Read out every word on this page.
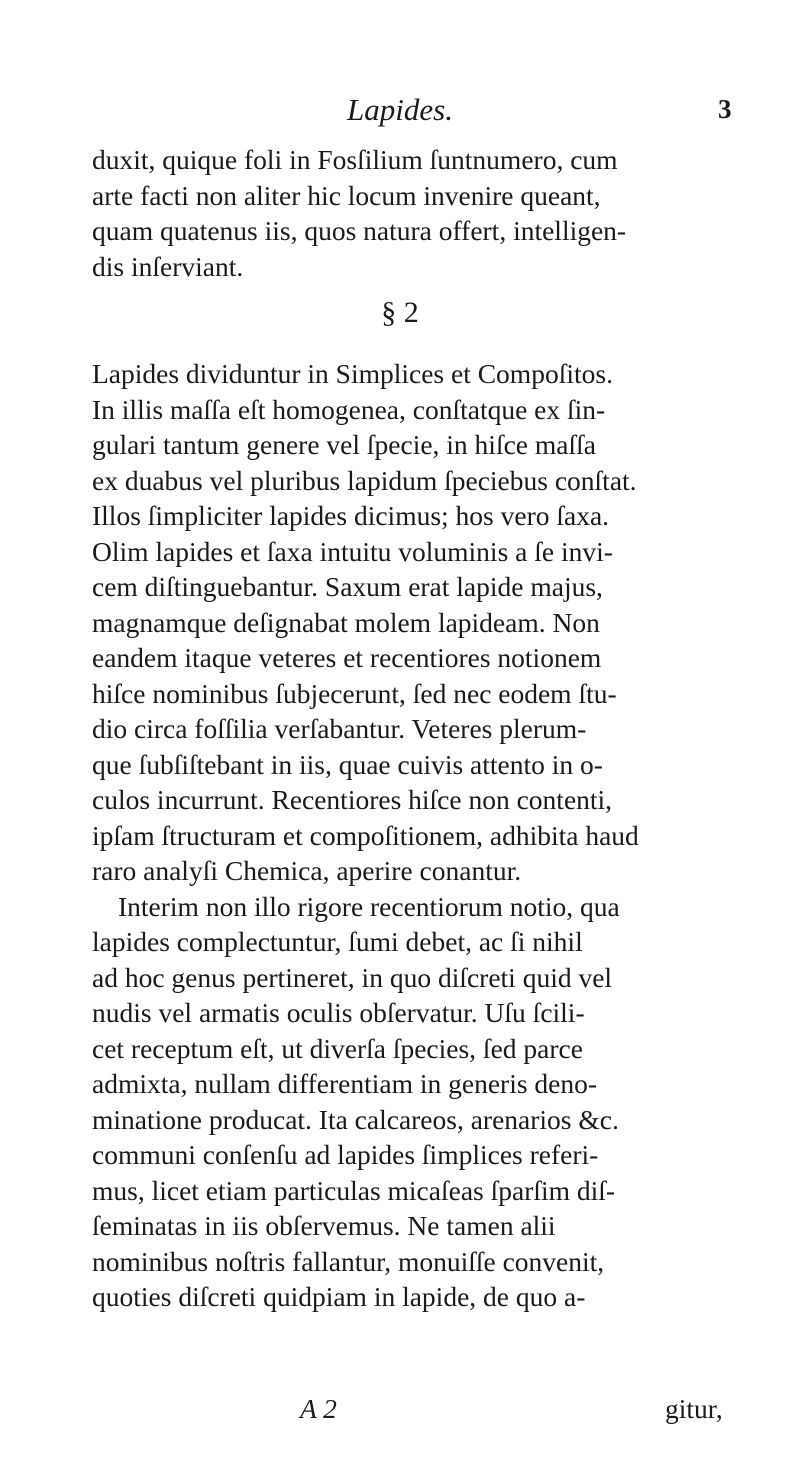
Lapides.	3

duxit, quique foli in Fosſilium ſuntnumero, cum
arte facti non aliter hic locum invenire queant,
quam quatenus iis, quos natura offert, intelligen-
dis inſerviant.

§ 2

Lapides dividuntur in Simplices et Compoſitos.
In illis maſſa eſt homogenea, conſtatque ex ſin-
gulari tantum genere vel ſpecie, in hiſce maſſa
ex duabus vel pluribus lapidum ſpeciebus conſtat.
Illos ſimpliciter lapides dicimus; hos vero ſaxa.
Olim lapides et ſaxa intuitu voluminis a ſe invi-
cem diſtinguebantur. Saxum erat lapide majus,
magnamque deſignabat molem lapideam. Non
eandem itaque veteres et recentiores notionem
hiſce nominibus ſubjecerunt, ſed nec eodem ſtu-
dio circa foſſilia verſabantur. Veteres plerum-
que ſubſiſtebant in iis, quae cuivis attento in o-
culos incurrunt. Recentiores hiſce non contenti,
ipſam ſtructuram et compoſitionem, adhibita haud
raro analyſi Chemica, aperire conantur.

Interim non illo rigore recentiorum notio, qua
lapides complectuntur, ſumi debet, ac ſi nihil
ad hoc genus pertineret, in quo diſcreti quid vel
nudis vel armatis oculis obſervatur. Uſu ſcili-
cet receptum eſt, ut diverſa ſpecies, ſed parce
admixta, nullam differentiam in generis deno-
minatione producat. Ita calcareos, arenarios &c.
communi conſenſu ad lapides ſimplices referi-
mus, licet etiam particulas micaſeas ſparſim diſ-
ſeminatas in iis obſervemus. Ne tamen alii
nominibus noſtris fallantur, monuiſſe convenit,
quoties diſcreti quidpiam in lapide, de quo a-

A 2	gitur,
